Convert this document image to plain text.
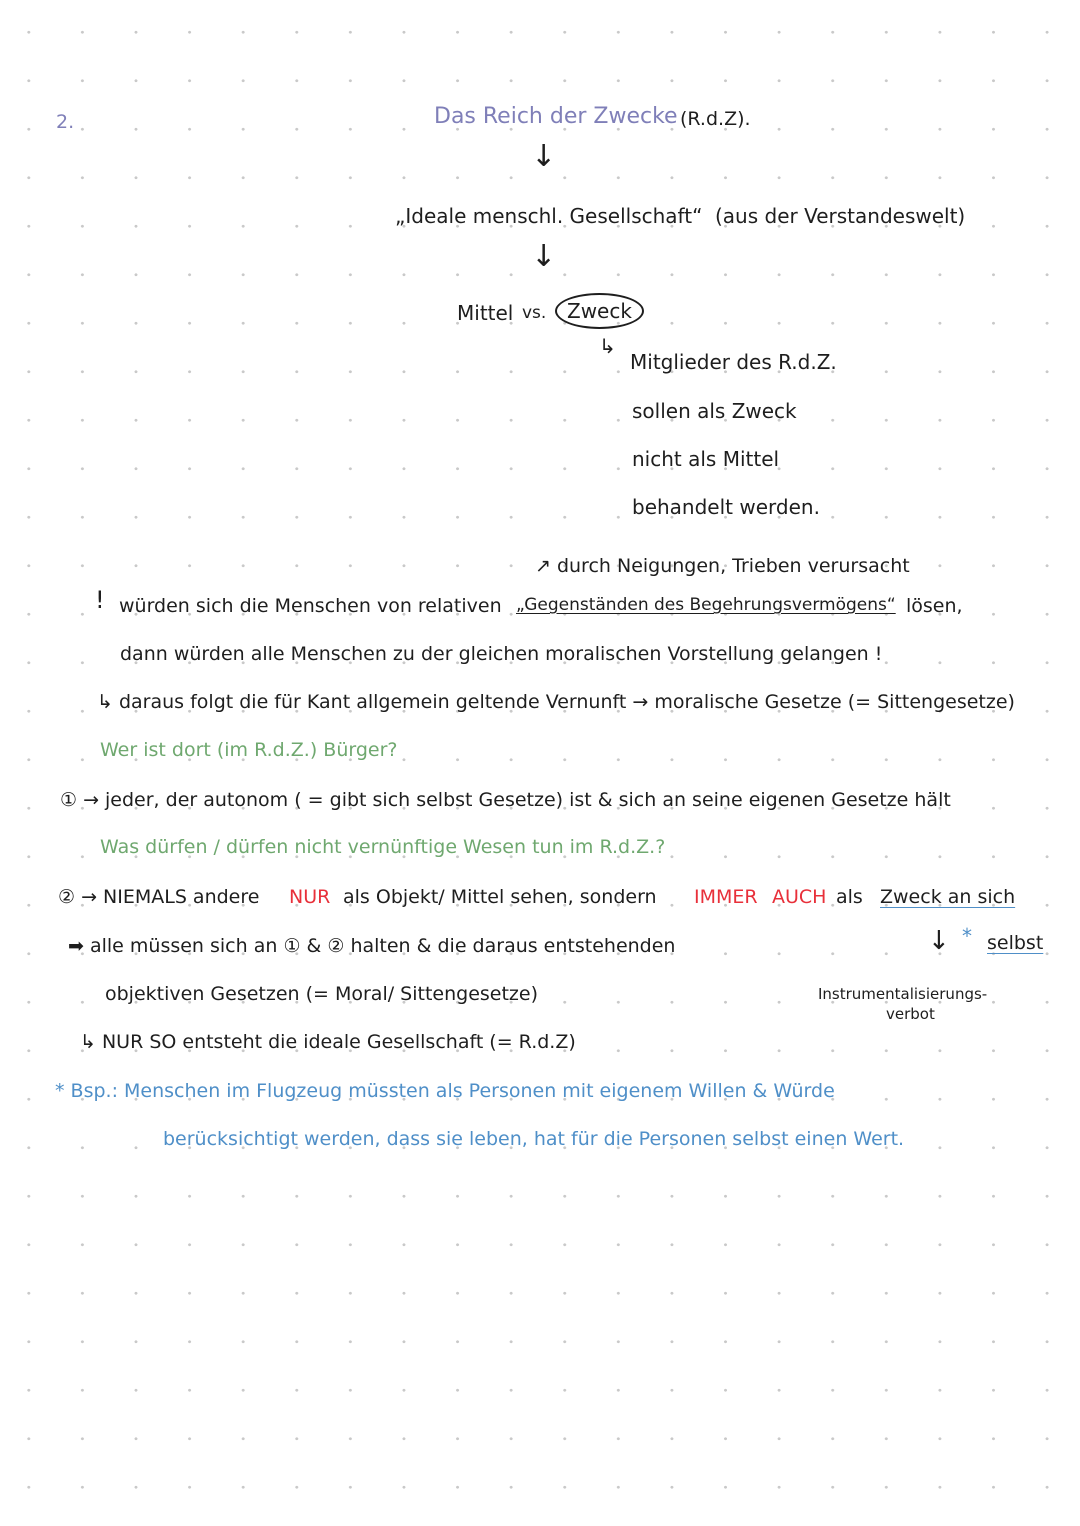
2.	Das Reich der Zwecke (R.d.Z).
↓
„Ideale menschl. Gesellschaft“ (aus der Verstandeswelt)
↓
Mittel vs.	Zweck
↳
Mitglieder des R.d.Z.
sollen als Zweck
nicht als Mittel
behandelt werden.
↗ durch Neigungen, Trieben verursacht
! würden sich die Menschen von relativen „Gegenständen des Begehrungsvermögens“ lösen,
dann würden alle Menschen zu der gleichen moralischen Vorstellung gelangen !
↳ daraus folgt die für Kant allgemein geltende Vernunft → moralische Gesetze (= Sittengesetze)
Wer ist dort (im R.d.Z.) Bürger?
① → jeder, der autonom ( = gibt sich selbst Gesetze) ist & sich an seine eigenen Gesetze hält
Was dürfen / dürfen nicht vernünftige Wesen tun im R.d.Z.?
② → NIEMALS andere NUR als Objekt/ Mittel sehen, sondern IMMER AUCH als Zweck an sich
* selbst
➡ alle müssen sich an ① & ② halten & die daraus entstehenden	↓
objektiven Gesetzen (= Moral/ Sittengesetze)	Instrumentalisierungs-
verbot
↳ NUR SO entsteht die ideale Gesellschaft (= R.d.Z)
* Bsp.: Menschen im Flugzeug müssten als Personen mit eigenem Willen & Würde
berücksichtigt werden, dass sie leben, hat für die Personen selbst einen Wert.
